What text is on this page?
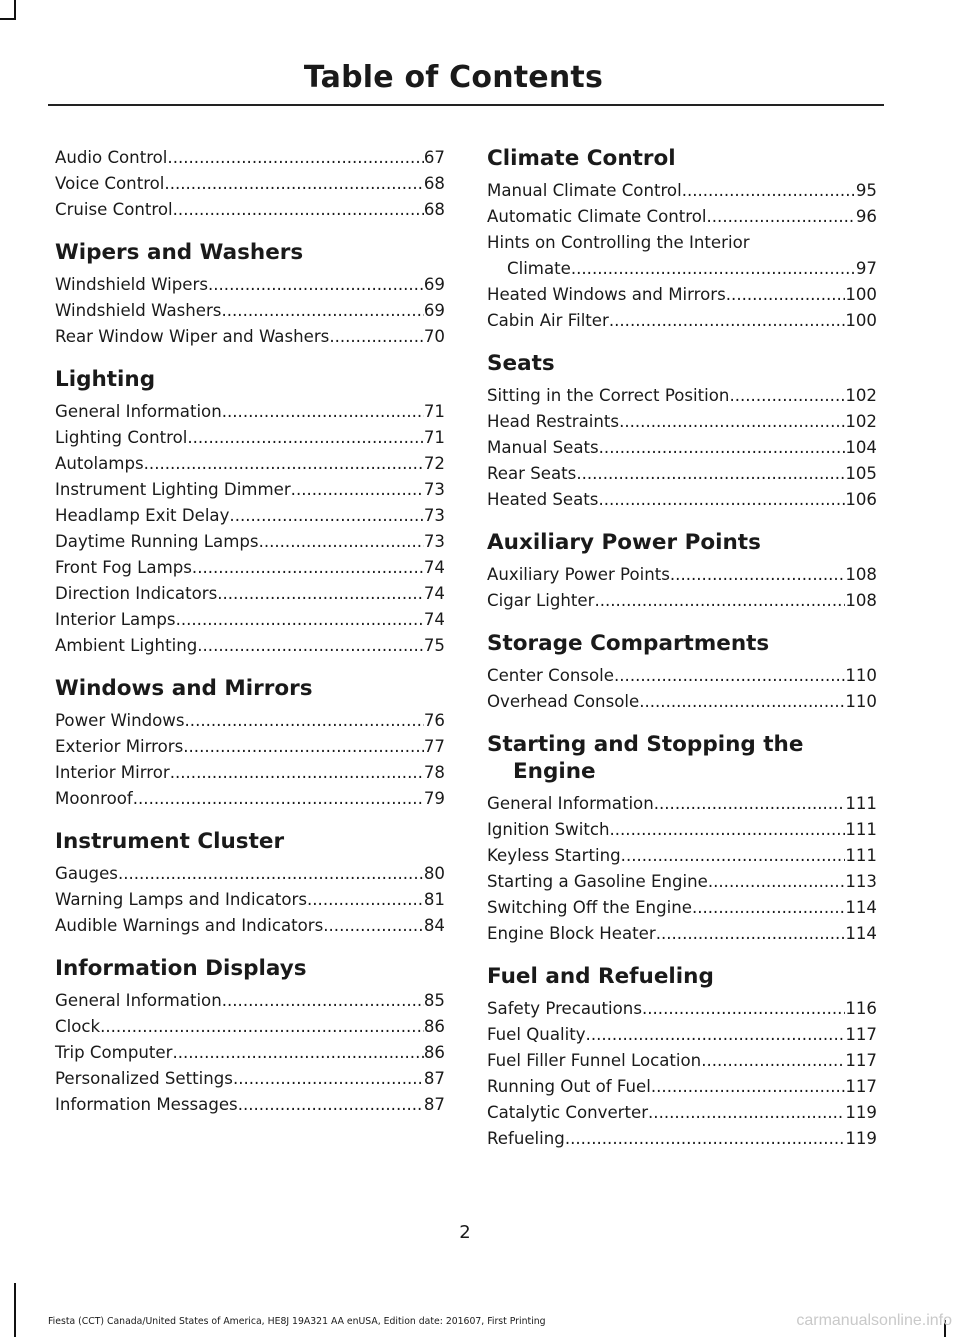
Table of Contents
Audio Control .....	67
Voice Control .....	68
Cruise Control .....	68
Wipers and Washers
Windshield Wipers .....	69
Windshield Washers .....	69
Rear Window Wiper and Washers .....	70
Lighting
General Information .....	71
Lighting Control .....	71
Autolamps .....	72
Instrument Lighting Dimmer .....	73
Headlamp Exit Delay .....	73
Daytime Running Lamps .....	73
Front Fog Lamps .....	74
Direction Indicators .....	74
Interior Lamps .....	74
Ambient Lighting .....	75
Windows and Mirrors
Power Windows .....	76
Exterior Mirrors .....	77
Interior Mirror .....	78
Moonroof .....	79
Instrument Cluster
Gauges .....	80
Warning Lamps and Indicators .....	81
Audible Warnings and Indicators .....	84
Information Displays
General Information .....	85
Clock .....	86
Trip Computer .....	86
Personalized Settings .....	87
Information Messages .....	87
Climate Control
Manual Climate Control .....	95
Automatic Climate Control .....	96
Hints on Controlling the Interior
Climate .....	97
Heated Windows and Mirrors .....	100
Cabin Air Filter .....	100
Seats
Sitting in the Correct Position .....	102
Head Restraints .....	102
Manual Seats .....	104
Rear Seats .....	105
Heated Seats .....	106
Auxiliary Power Points
Auxiliary Power Points .....	108
Cigar Lighter .....	108
Storage Compartments
Center Console .....	110
Overhead Console .....	110
Starting and Stopping the Engine
General Information .....	111
Ignition Switch .....	111
Keyless Starting .....	111
Starting a Gasoline Engine .....	113
Switching Off the Engine .....	114
Engine Block Heater .....	114
Fuel and Refueling
Safety Precautions .....	116
Fuel Quality .....	117
Fuel Filler Funnel Location .....	117
Running Out of Fuel .....	117
Catalytic Converter .....	119
Refueling .....	119
2
Fiesta (CCT) Canada/United States of America, HE8J 19A321 AA enUSA, Edition date: 201607, First Printing	carmanualsonline.info
